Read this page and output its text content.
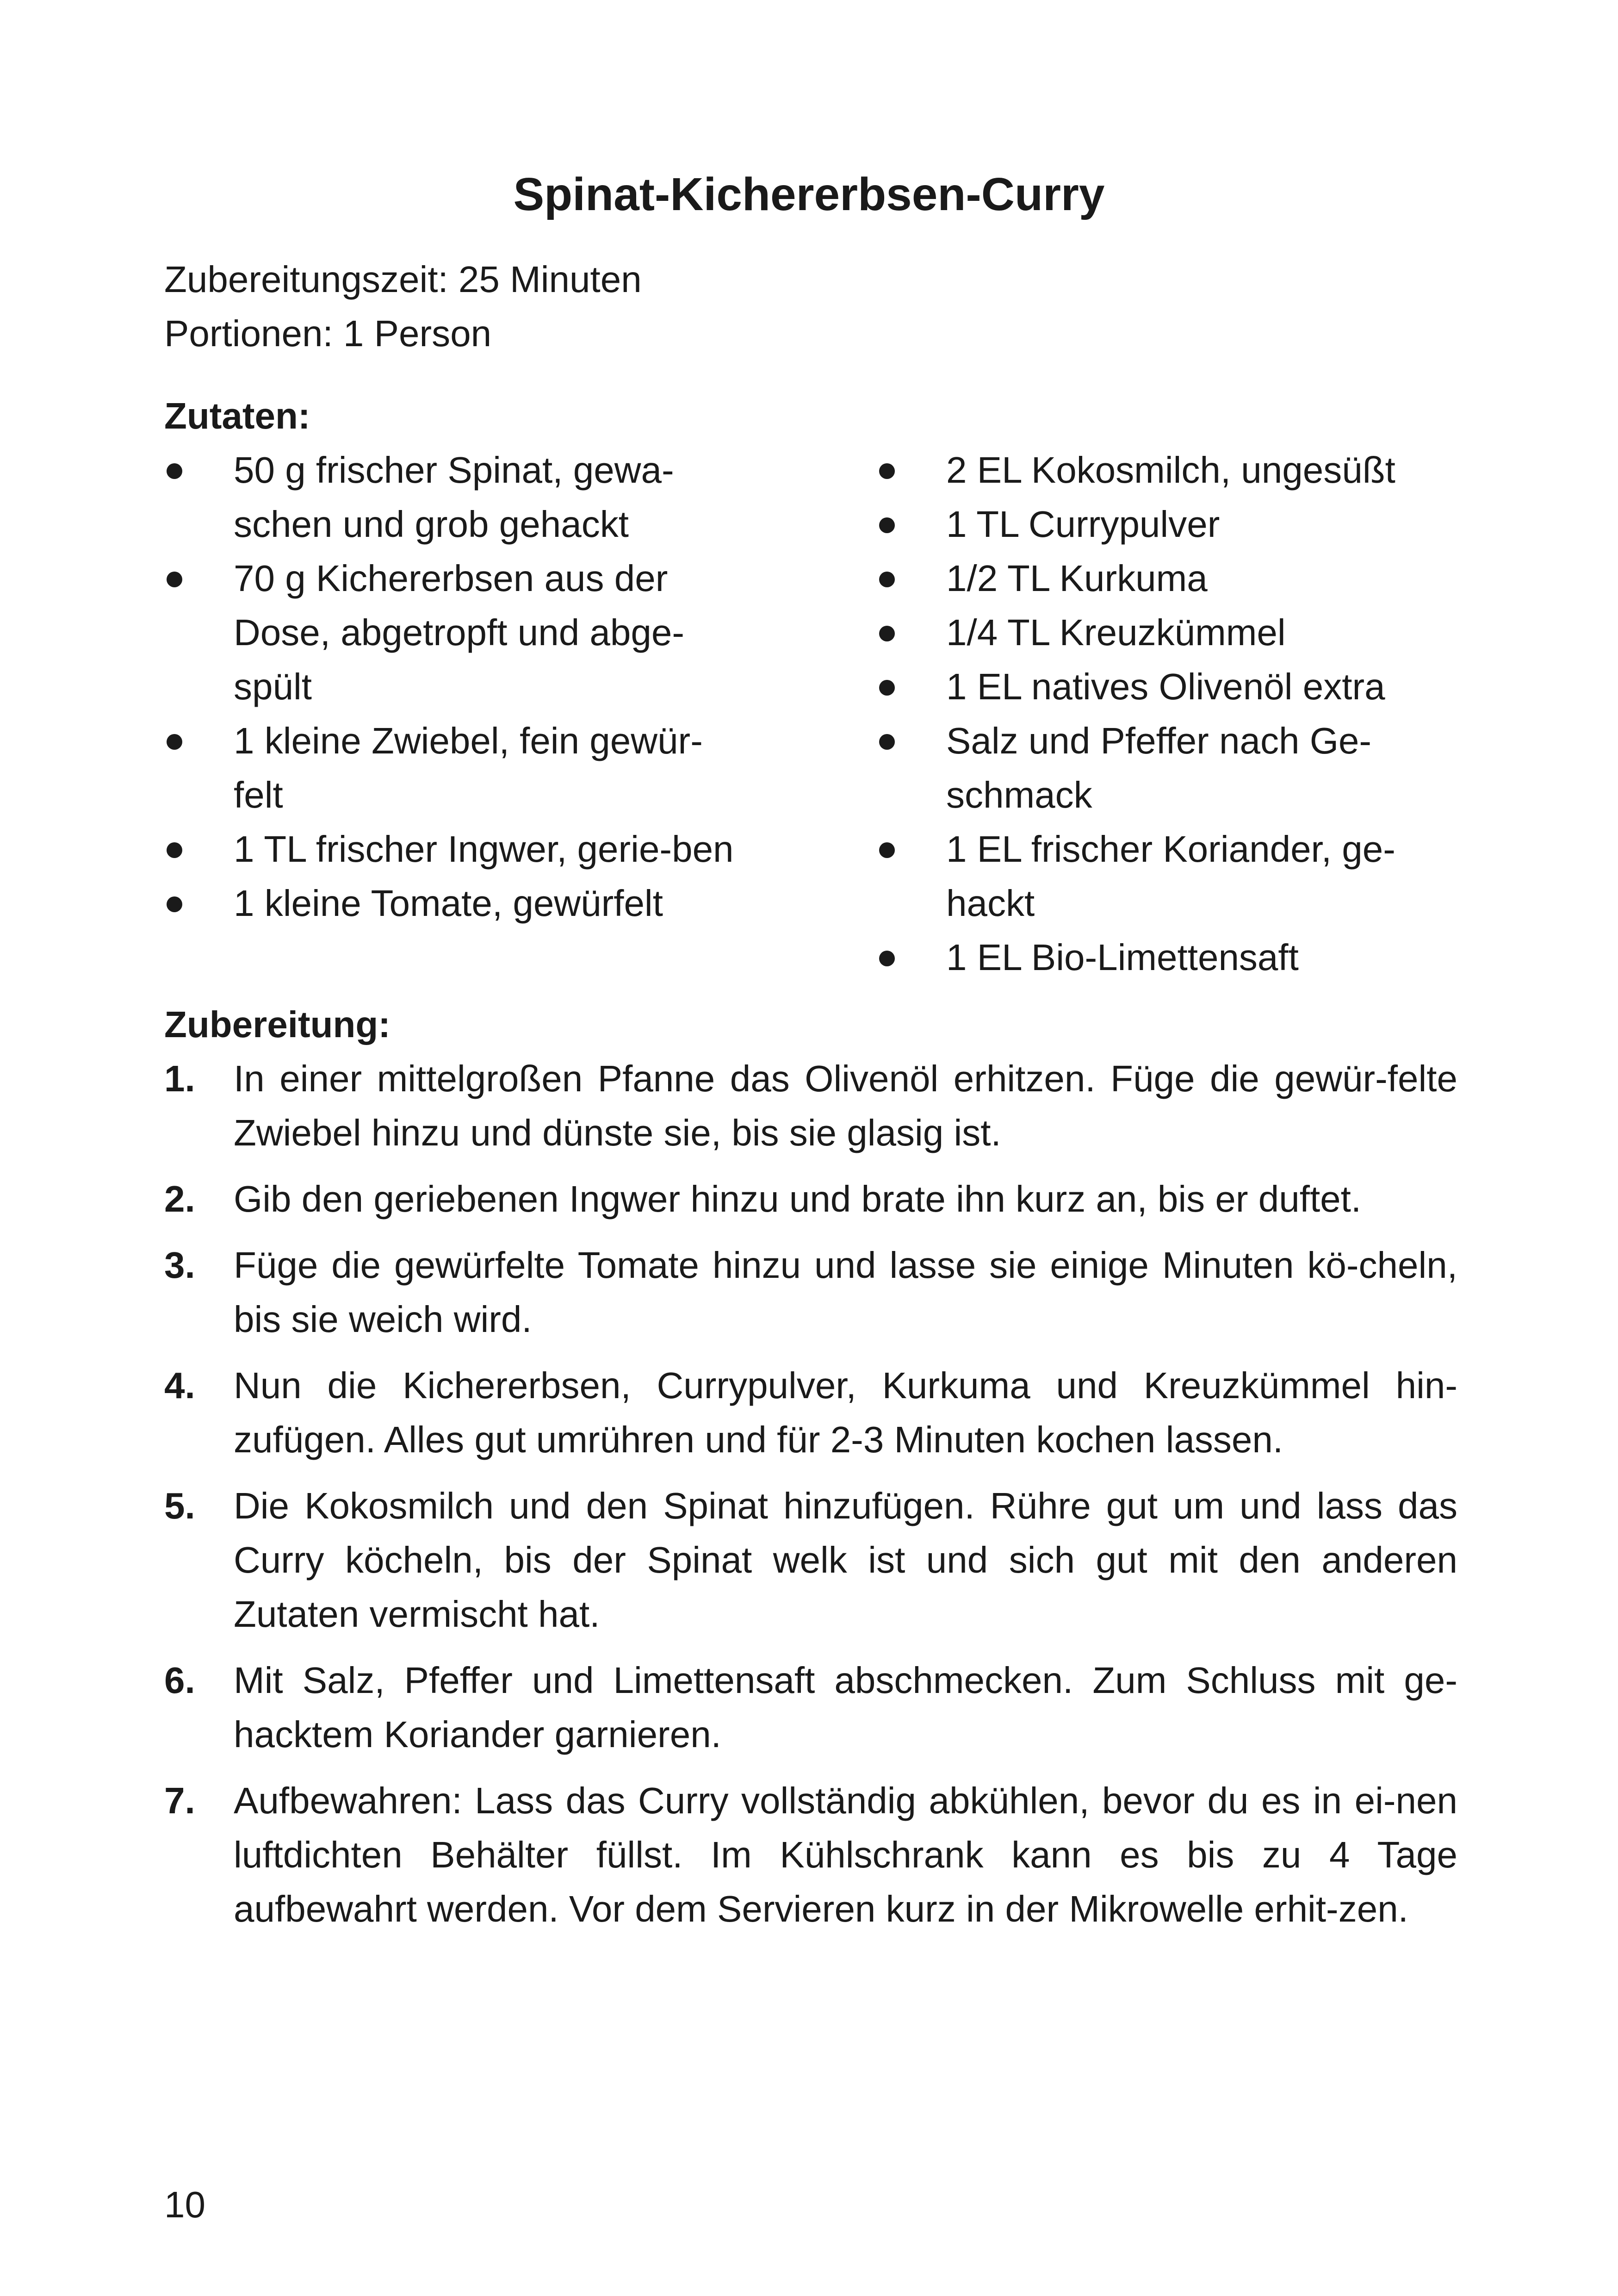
Spinat-Kichererbsen-Curry
Zubereitungszeit: 25 Minuten
Portionen: 1 Person
Zutaten:
50 g frischer Spinat, gewa-schen und grob gehackt
70 g Kichererbsen aus der Dose, abgetropft und abge-spült
1 kleine Zwiebel, fein gewür-felt
1 TL frischer Ingwer, gerie-ben
1 kleine Tomate, gewürfelt
2 EL Kokosmilch, ungesüßt
1 TL Currypulver
1/2 TL Kurkuma
1/4 TL Kreuzkümmel
1 EL natives Olivenöl extra
Salz und Pfeffer nach Ge-schmack
1 EL frischer Koriander, ge-hackt
1 EL Bio-Limettensaft
Zubereitung:
1. In einer mittelgroßen Pfanne das Olivenöl erhitzen. Füge die gewür-felte Zwiebel hinzu und dünste sie, bis sie glasig ist.
2. Gib den geriebenen Ingwer hinzu und brate ihn kurz an, bis er duftet.
3. Füge die gewürfelte Tomate hinzu und lasse sie einige Minuten kö-cheln, bis sie weich wird.
4. Nun die Kichererbsen, Currypulver, Kurkuma und Kreuzkümmel hin-zufügen. Alles gut umrühren und für 2-3 Minuten kochen lassen.
5. Die Kokosmilch und den Spinat hinzufügen. Rühre gut um und lass das Curry köcheln, bis der Spinat welk ist und sich gut mit den anderen Zutaten vermischt hat.
6. Mit Salz, Pfeffer und Limettensaft abschmecken. Zum Schluss mit ge-hacktem Koriander garnieren.
7. Aufbewahren: Lass das Curry vollständig abkühlen, bevor du es in ei-nen luftdichten Behälter füllst. Im Kühlschrank kann es bis zu 4 Tage aufbewahrt werden. Vor dem Servieren kurz in der Mikrowelle erhit-zen.
10
